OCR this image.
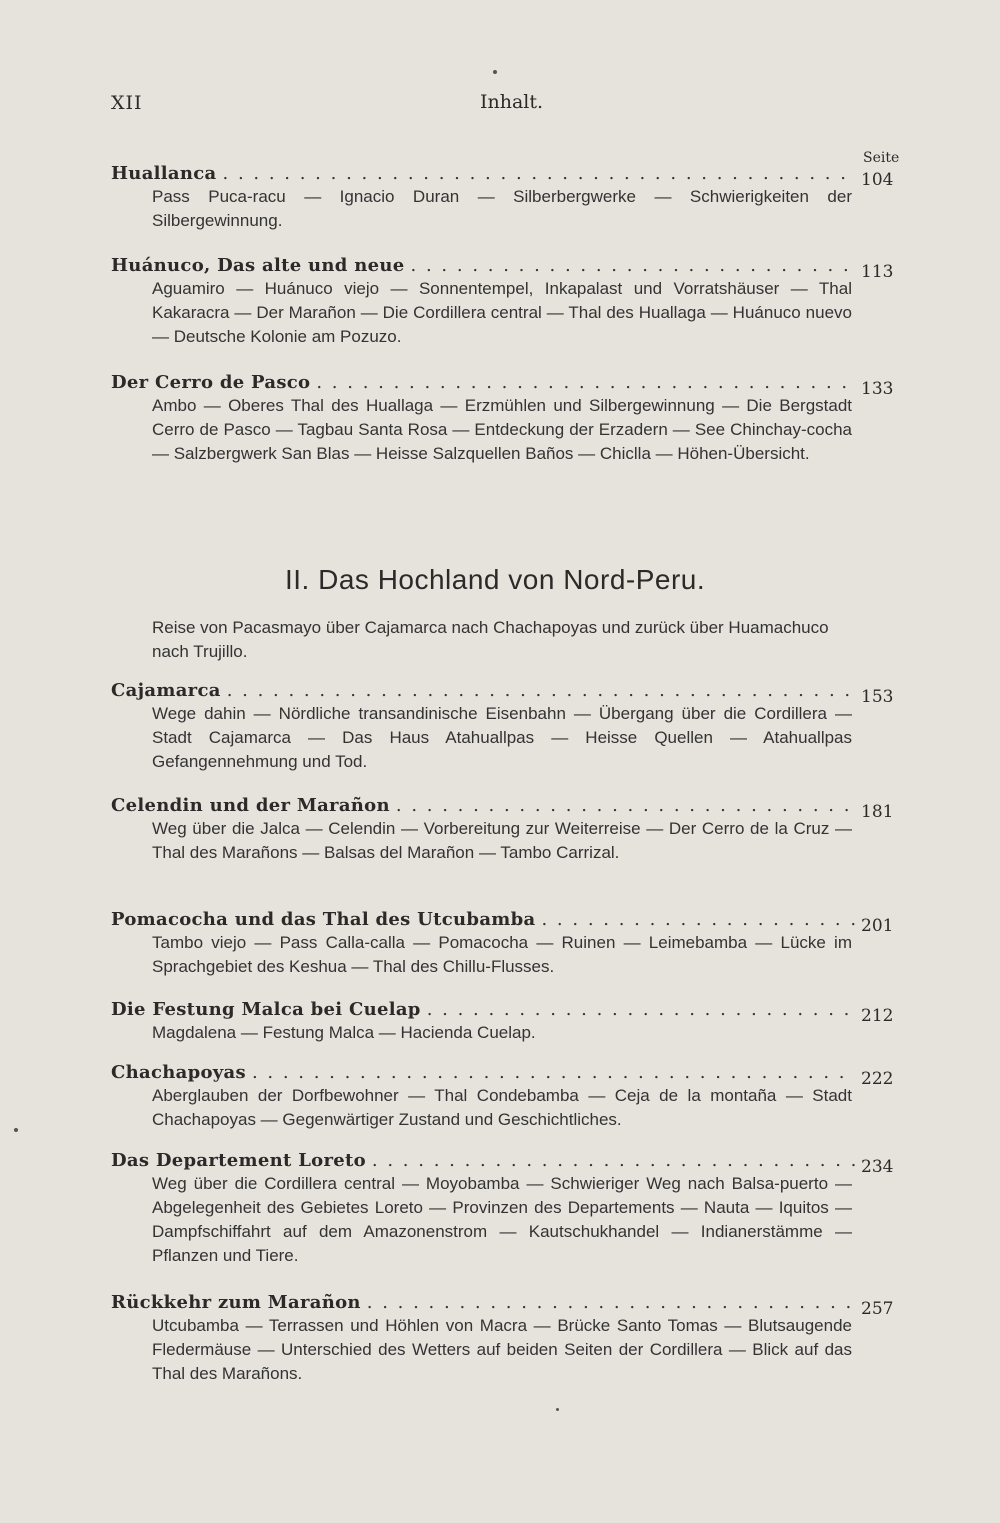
XII	Inhalt.
Seite
Huallanca . . .	104
Pass Puca-racu — Ignacio Duran — Silberbergwerke — Schwierigkeiten der Silbergewinnung.
Huánuco, Das alte und neue . . .	113
Aguamiro — Huánuco viejo — Sonnentempel, Inkapalast und Vorratshäuser — Thal Kakaracra — Der Marañon — Die Cordillera central — Thal des Huallaga — Huánuco nuevo — Deutsche Kolonie am Pozuzo.
Der Cerro de Pasco . . .	133
Ambo — Oberes Thal des Huallaga — Erzmühlen und Silbergewinnung — Die Bergstadt Cerro de Pasco — Tagbau Santa Rosa — Entdeckung der Erzadern — See Chinchay-cocha — Salzbergwerk San Blas — Heisse Salzquellen Baños — Chiclla — Höhen-Übersicht.
II. Das Hochland von Nord-Peru.
Reise von Pacasmayo über Cajamarca nach Chachapoyas und zurück über Huamachuco nach Trujillo.
Cajamarca . . .	153
Wege dahin — Nördliche transandinische Eisenbahn — Übergang über die Cordillera — Stadt Cajamarca — Das Haus Atahuallpas — Heisse Quellen — Atahuallpas Gefangennehmung und Tod.
Celendin und der Marañon . . .	181
Weg über die Jalca — Celendin — Vorbereitung zur Weiterreise — Der Cerro de la Cruz — Thal des Marañons — Balsas del Marañon — Tambo Carrizal.
Pomacocha und das Thal des Utcubamba . . .	201
Tambo viejo — Pass Calla-calla — Pomacocha — Ruinen — Leimebamba — Lücke im Sprachgebiet des Keshua — Thal des Chillu-Flusses.
Die Festung Malca bei Cuelap . . .	212
Magdalena — Festung Malca — Hacienda Cuelap.
Chachapoyas . . .	222
Aberglauben der Dorfbewohner — Thal Condebamba — Ceja de la montaña — Stadt Chachapoyas — Gegenwärtiger Zustand und Geschichtliches.
Das Departement Loreto . . .	234
Weg über die Cordillera central — Moyobamba — Schwieriger Weg nach Balsa-puerto — Abgelegenheit des Gebietes Loreto — Provinzen des Departements — Nauta — Iquitos — Dampfschiffahrt auf dem Amazonenstrom — Kautschukhandel — Indianerstämme — Pflanzen und Tiere.
Rückkehr zum Marañon . . .	257
Utcubamba — Terrassen und Höhlen von Macra — Brücke Santo Tomas — Blutsaugende Fledermäuse — Unterschied des Wetters auf beiden Seiten der Cordillera — Blick auf das Thal des Marañons.
